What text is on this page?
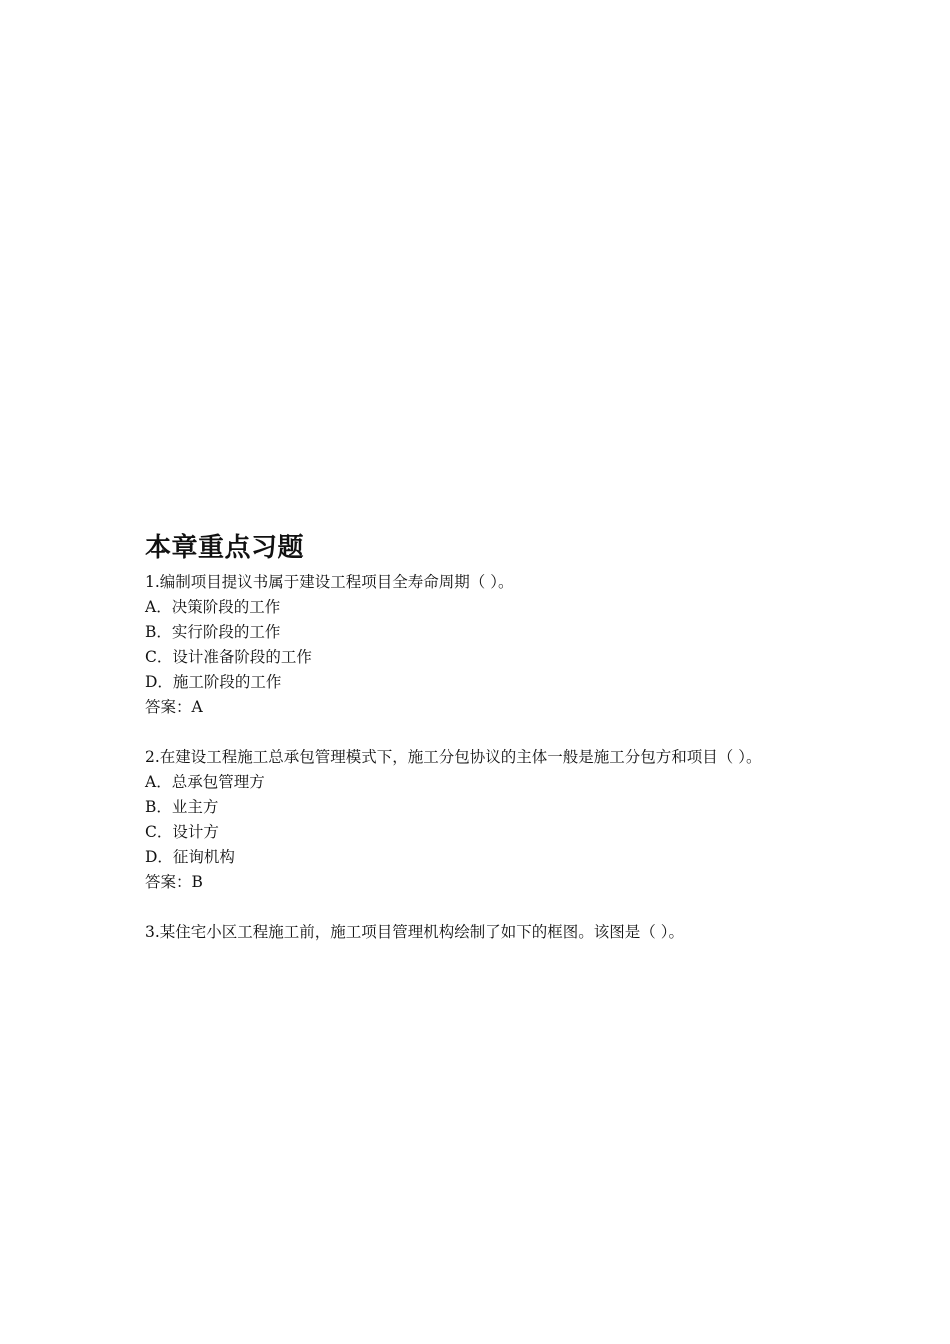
本章重点习题
1.编制项目提议书属于建设工程项目全寿命周期（ ）。
A．决策阶段的工作
B．实行阶段的工作
C．设计准备阶段的工作
D．施工阶段的工作
答案：A
2.在建设工程施工总承包管理模式下，施工分包协议的主体一般是施工分包方和项目（ ）。
A．总承包管理方
B．业主方
C．设计方
D．征询机构
答案：B
3.某住宅小区工程施工前，施工项目管理机构绘制了如下的框图。该图是（ ）。
